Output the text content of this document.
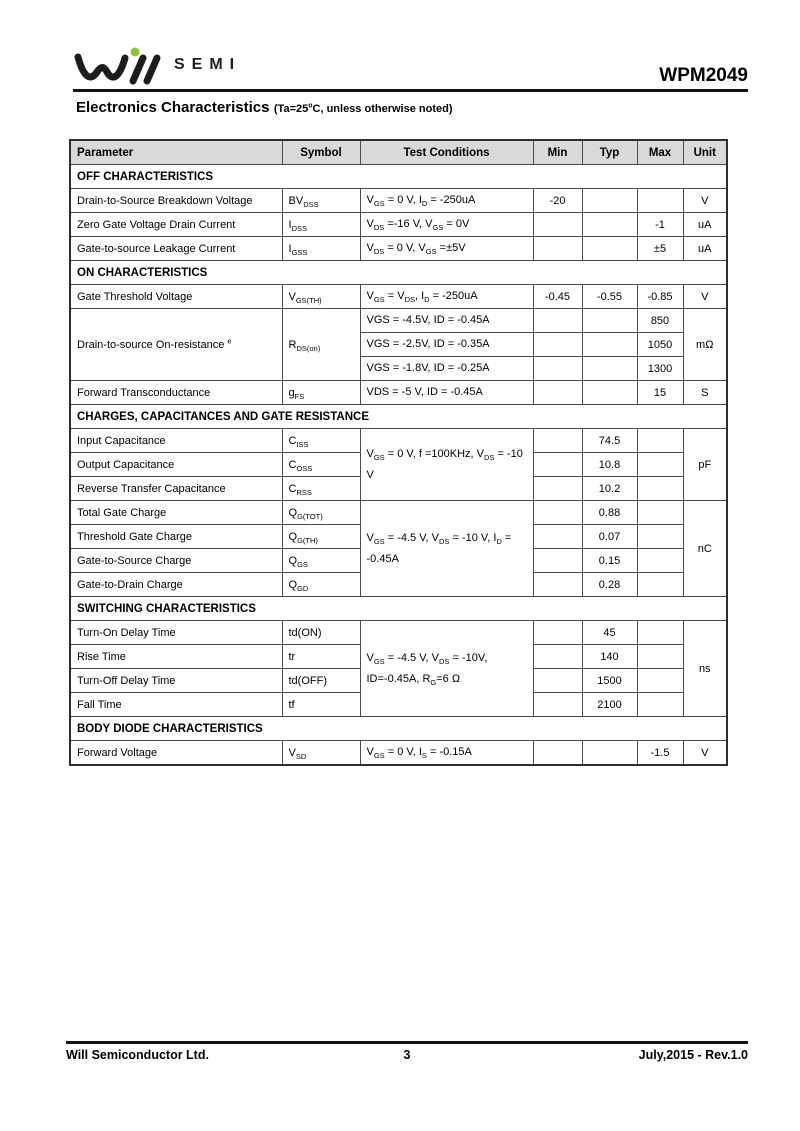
SEMI
WPM2049
Electronics Characteristics ($Ta=25^oC$, unless otherwise noted)
Parameter	Symbol	Test Conditions	Min	Typ	Max	Unit
OFF CHARACTERISTICS						
Drain-to-Source Breakdown Voltage	$BV_{DSS}$	$V_{GS} = 0$ V, $I_D = -250uA$	-20			V
Zero Gate Voltage Drain Current	$I_{DSS}$	$V_{DS} =-16$ V, $V_{GS} = 0V$			-1	uA
Gate-to-source Leakage Current	$I_{GSS}$	$V_{DS} = 0$ V, $V_{GS} =\pm 5V$			±5	uA
ON CHARACTERISTICS						
Gate Threshold Voltage	$V_{GS(TH)}$	$V_{GS} = V_{DS}$, $I_D = -250uA$	-0.45	-0.55	-0.85	V
Drain-to-source On-resistance $^e$	$R_{DS(on)}$	VGS = -4.5V, ID = -0.45A			850	mΩ
		VGS = -2.5V, ID = -0.35A			1050	
		VGS = -1.8V, ID = -0.25A			1300	
Forward Transconductance	$g_{FS}$	VDS = -5 V, ID = -0.45A			15	S
CHARGES, CAPACITANCES AND GATE RESISTANCE						
Input Capacitance	$C_{ISS}$	$V_{GS} = 0$ V, f =100KHz, $V_{DS} = -10$ V		74.5		pF
Output Capacitance	$C_{OSS}$			10.8		
Reverse Transfer Capacitance	$C_{RSS}$			10.2		
Total Gate Charge	$Q_{G(TOT)}$	$V_{GS} = -4.5$ V, $V_{DS} = -10$ V, $I_D = -0.45A$		0.88		nC
Threshold Gate Charge	$Q_{G(TH)}$			0.07		
Gate-to-Source Charge	$Q_{GS}$			0.15		
Gate-to-Drain Charge	$Q_{GD}$			0.28		
SWITCHING CHARACTERISTICS						
Turn-On Delay Time	td(ON)	$V_{GS} = -4.5$ V, $V_{DS} = -10V$, ID=-0.45A, $R_G=6$ Ω		45		ns
Rise Time	tr			140		
Turn-Off Delay Time	td(OFF)			1500		
Fall Time	tf			2100		
BODY DIODE CHARACTERISTICS						
Forward Voltage	$V_{SD}$	$V_{GS} = 0$ V, $I_S = -0.15A$			-1.5	V
Will Semiconductor Ltd.	3	July,2015 - Rev.1.0
